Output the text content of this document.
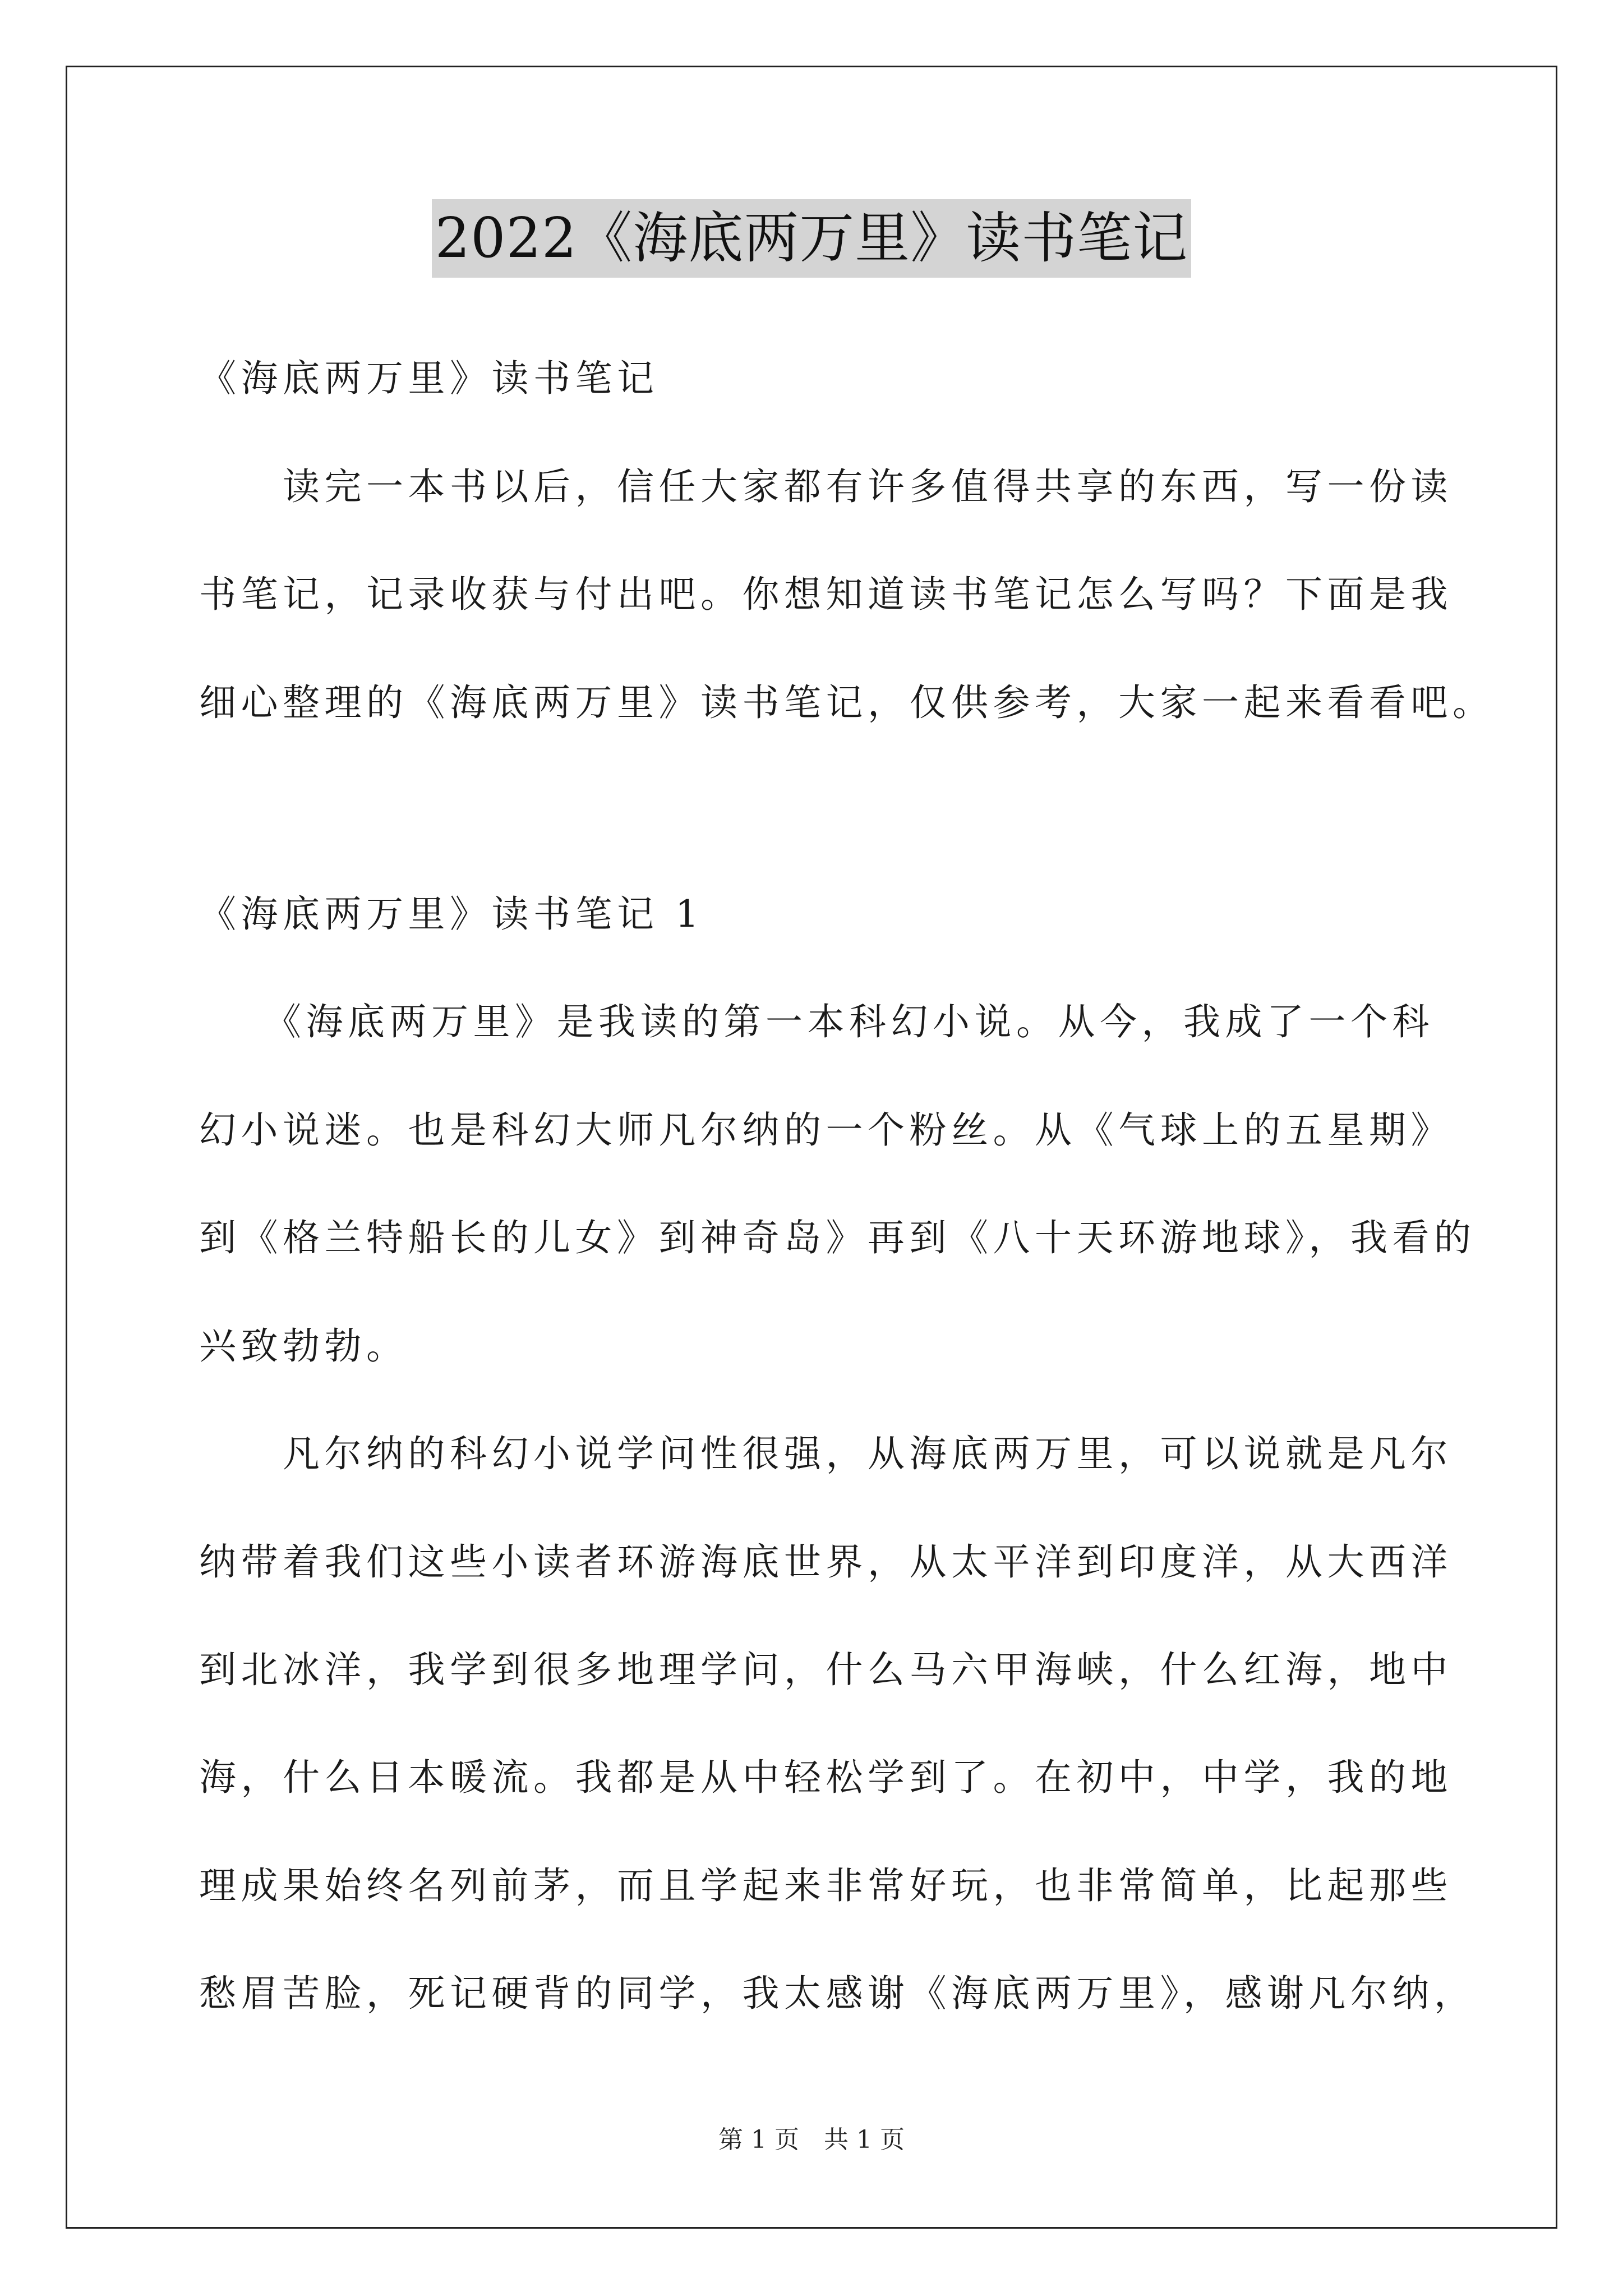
2022《海底两万里》读书笔记
《海底两万里》读书笔记
　　读完一本书以后，信任大家都有许多值得共享的东西，写一份读
书笔记，记录收获与付出吧。你想知道读书笔记怎么写吗？下面是我
细心整理的《海底两万里》读书笔记，仅供参考，大家一起来看看吧。
《海底两万里》读书笔记 1
　　《海底两万里》是我读的第一本科幻小说。从今，我成了一个科
幻小说迷。也是科幻大师凡尔纳的一个粉丝。从《气球上的五星期》
到《格兰特船长的儿女》到神奇岛》再到《八十天环游地球》，我看的
兴致勃勃。
　　凡尔纳的科幻小说学问性很强，从海底两万里，可以说就是凡尔
纳带着我们这些小读者环游海底世界，从太平洋到印度洋，从大西洋
到北冰洋，我学到很多地理学问，什么马六甲海峡，什么红海，地中
海，什么日本暖流。我都是从中轻松学到了。在初中，中学，我的地
理成果始终名列前茅，而且学起来非常好玩，也非常简单，比起那些
愁眉苦脸，死记硬背的同学，我太感谢《海底两万里》，感谢凡尔纳，
第 1 页　共 1 页
